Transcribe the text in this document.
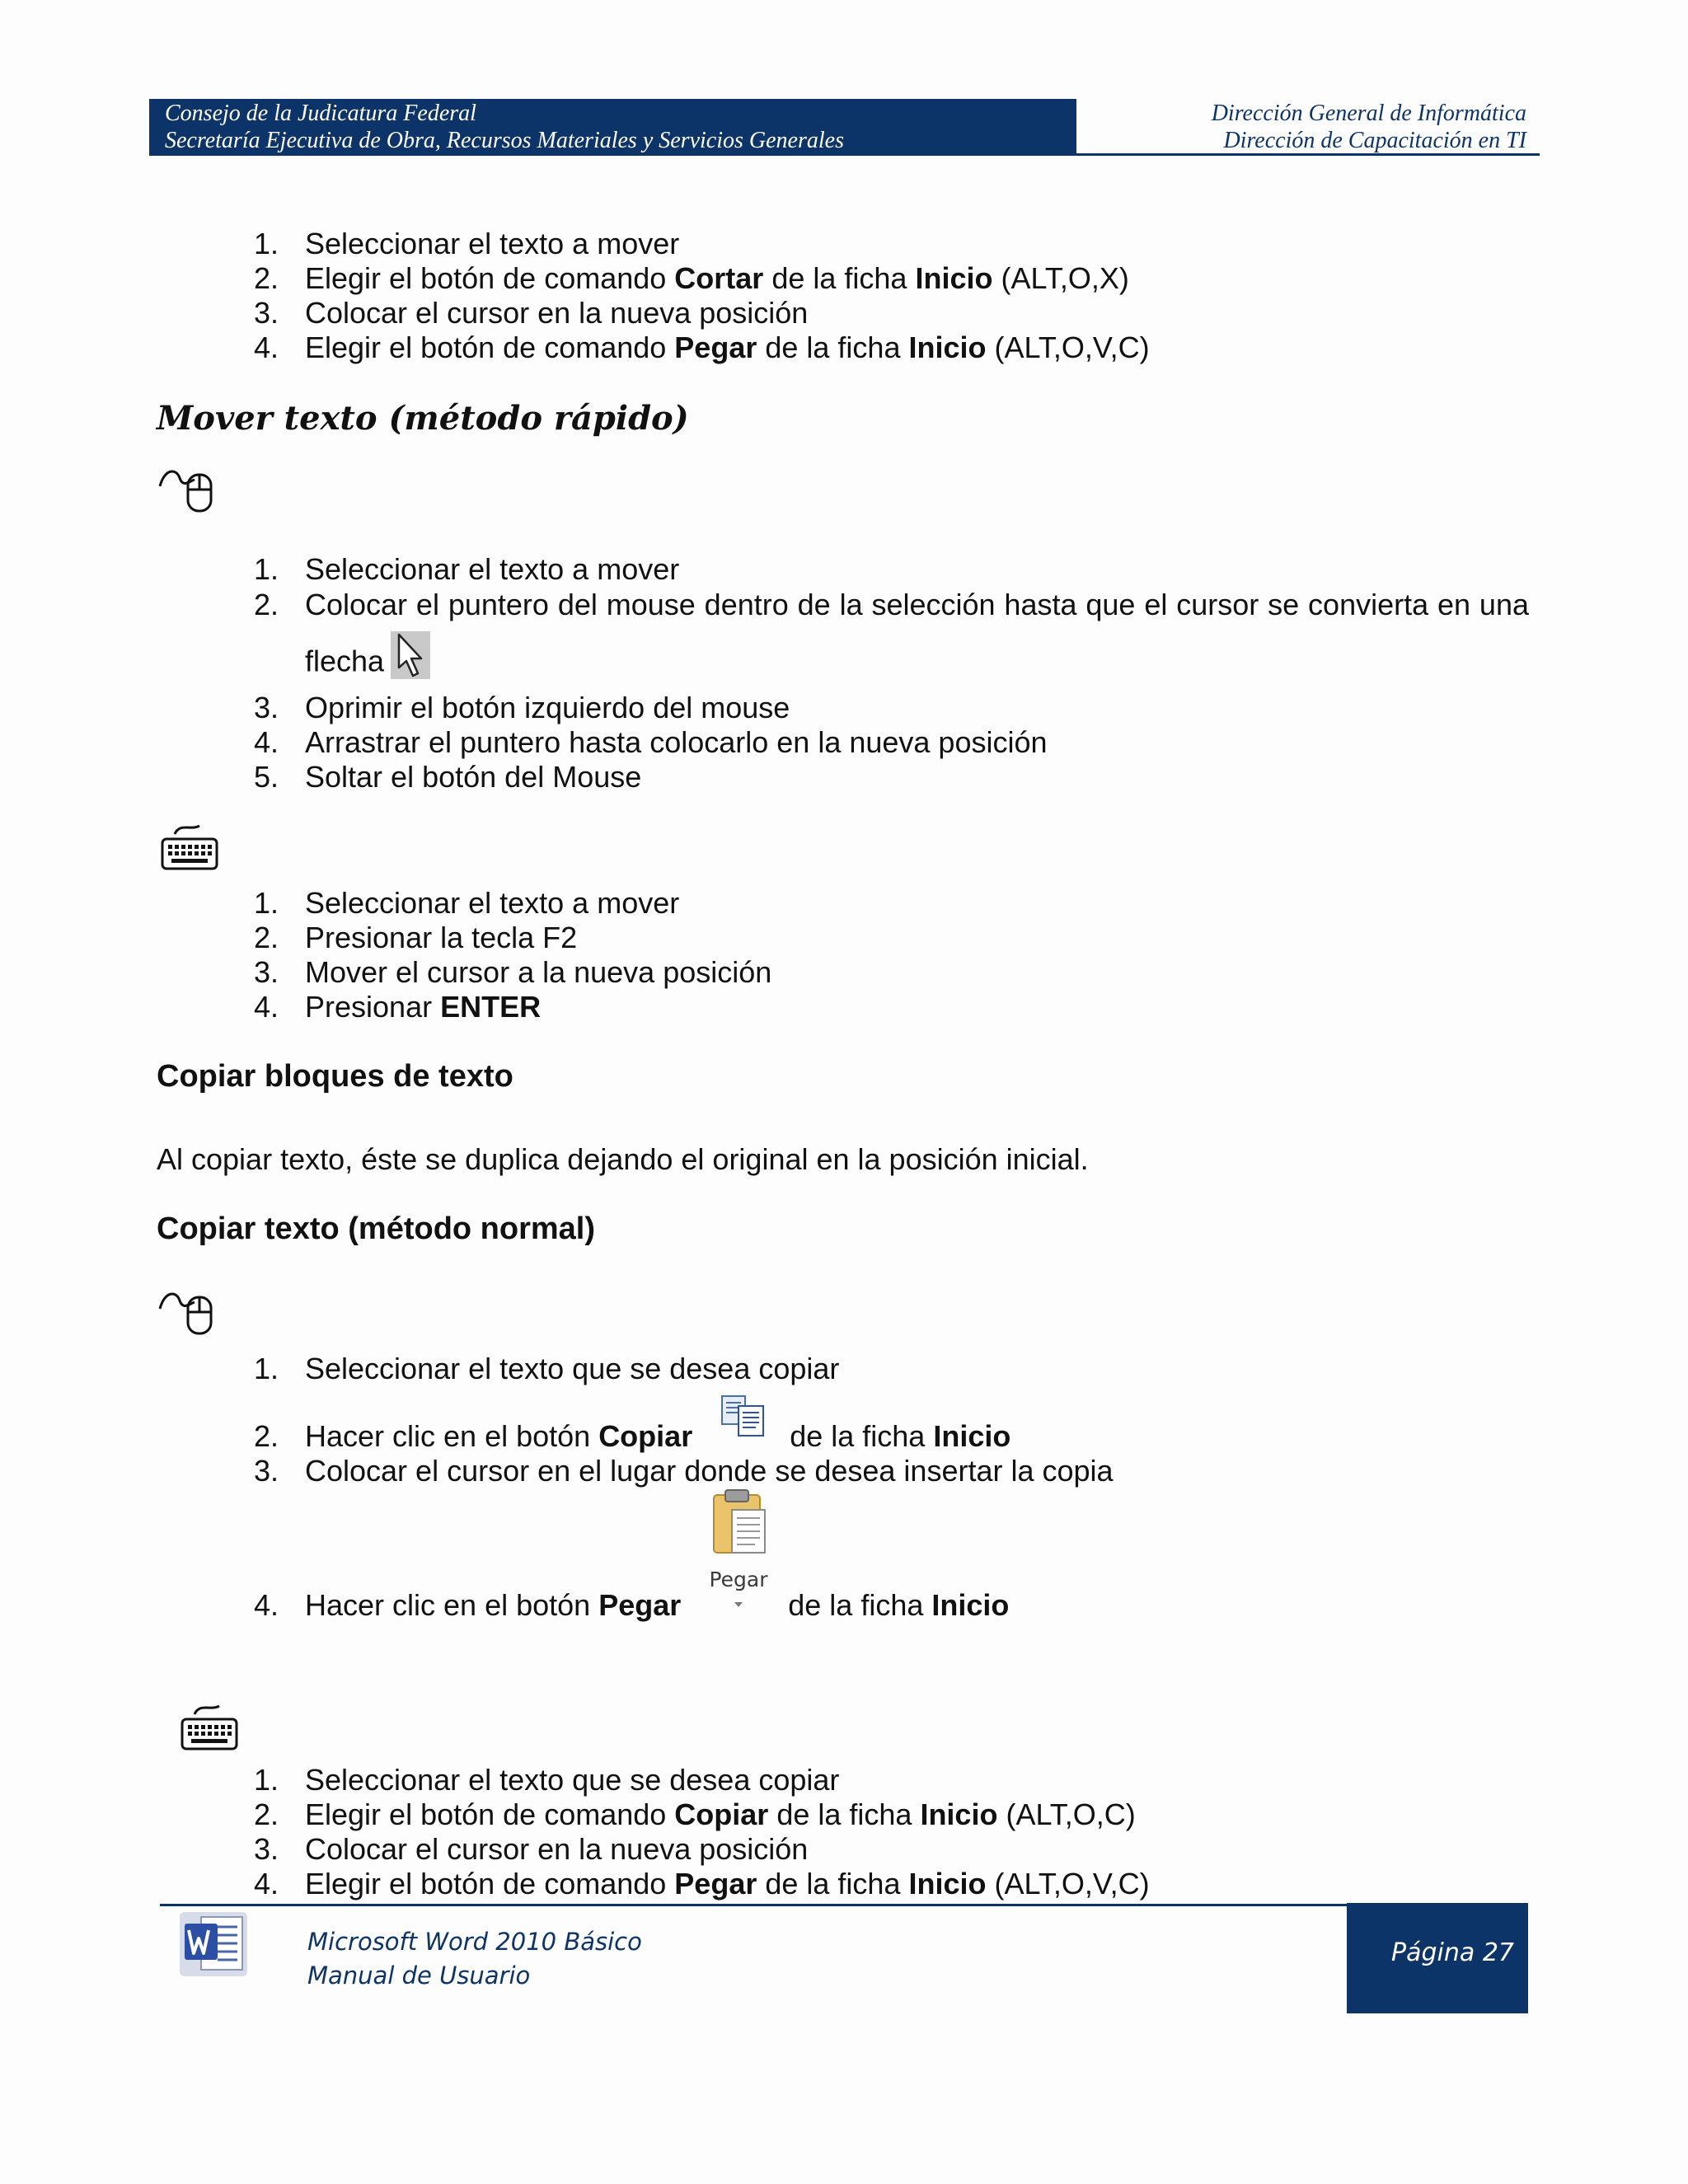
Consejo de la Judicatura Federal
Secretaría Ejecutiva de Obra, Recursos Materiales y Servicios Generales
Dirección General de Informática
Dirección de Capacitación en TI
1. Seleccionar el texto a mover
2. Elegir el botón de comando Cortar de la ficha Inicio (ALT,O,X)
3. Colocar el cursor en la nueva posición
4. Elegir el botón de comando Pegar de la ficha Inicio (ALT,O,V,C)
Mover texto (método rápido)
1. Seleccionar el texto a mover
2. Colocar el puntero del mouse dentro de la selección hasta que el cursor se convierta en una flecha
3. Oprimir el botón izquierdo del mouse
4. Arrastrar el puntero hasta colocarlo en la nueva posición
5. Soltar el botón del Mouse
1. Seleccionar el texto a mover
2. Presionar la tecla F2
3. Mover el cursor a la nueva posición
4. Presionar ENTER
Copiar bloques de texto
Al copiar texto, éste se duplica dejando el original en la posición inicial.
Copiar texto (método normal)
1. Seleccionar el texto que se desea copiar
2. Hacer clic en el botón Copiar	de la ficha Inicio
3. Colocar el cursor en el lugar donde se desea insertar la copia
Pegar
4. Hacer clic en el botón Pegar	de la ficha Inicio
1. Seleccionar el texto que se desea copiar
2. Elegir el botón de comando Copiar de la ficha Inicio (ALT,O,C)
3. Colocar el cursor en la nueva posición
4. Elegir el botón de comando Pegar de la ficha Inicio (ALT,O,V,C)
Página 27
Microsoft Word 2010 Básico
Manual de Usuario
